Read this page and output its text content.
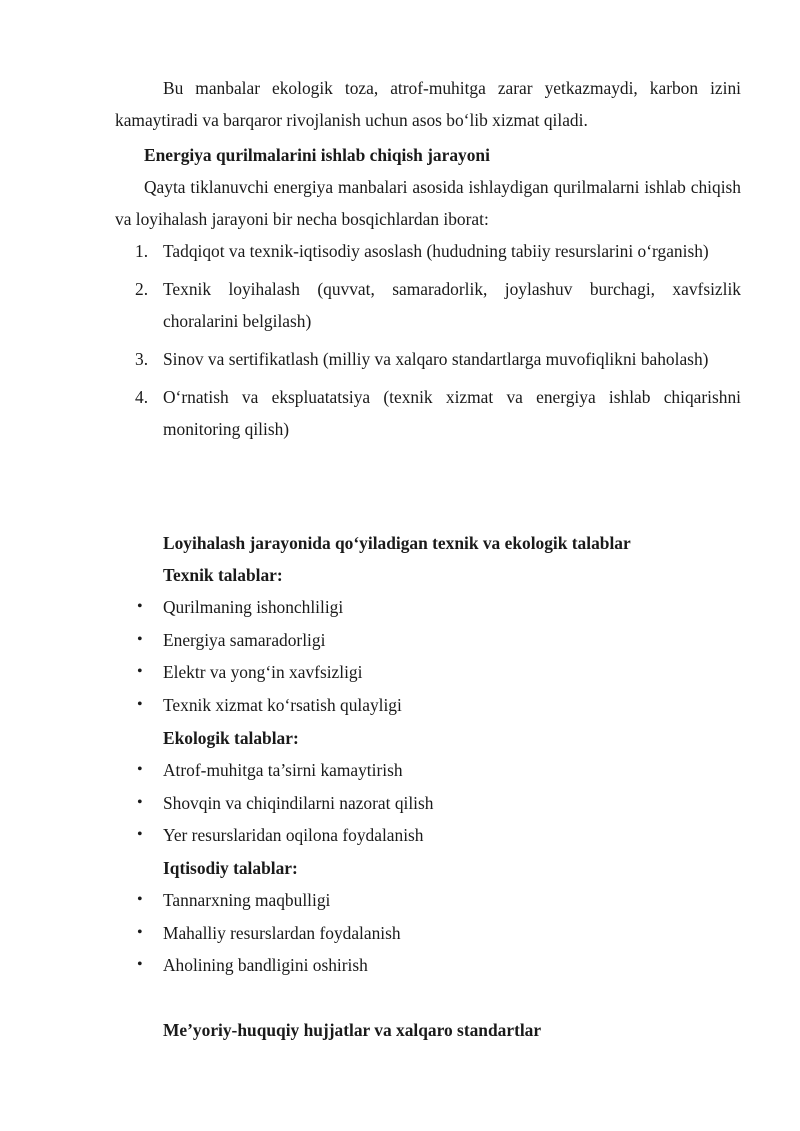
Bu manbalar ekologik toza, atrof-muhitga zarar yetkazmaydi, karbon izini kamaytiradi va barqaror rivojlanish uchun asos bo‘lib xizmat qiladi.

Energiya qurilmalarini ishlab chiqish jarayoni

Qayta tiklanuvchi energiya manbalari asosida ishlaydigan qurilmalarni ishlab chiqish va loyihalash jarayoni bir necha bosqichlardan iborat:

1. Tadqiqot va texnik-iqtisodiy asoslash (hududning tabiiy resurslarini o‘rganish)
2. Texnik loyihalash (quvvat, samaradorlik, joylashuv burchagi, xavfsizlik choralarini belgilash)
3. Sinov va sertifikatlash (milliy va xalqaro standartlarga muvofiqlikni baholash)
4. O‘rnatish va ekspluatatsiya (texnik xizmat va energiya ishlab chiqarishni monitoring qilish)
Loyihalash jarayonida qo‘yiladigan texnik va ekologik talablar
Texnik talablar:
• Qurilmaning ishonchliligi
• Energiya samaradorligi
• Elektr va yong‘in xavfsizligi
• Texnik xizmat ko‘rsatish qulayligi
Ekologik talablar:
• Atrof-muhitga ta’sirni kamaytirish
• Shovqin va chiqindilarni nazorat qilish
• Yer resurslaridan oqilona foydalanish
Iqtisodiy talablar:
• Tannarxning maqbulligi
• Mahalliy resurslardan foydalanish
• Aholining bandligini oshirish
Me’yoriy-huquqiy hujjatlar va xalqaro standartlar
